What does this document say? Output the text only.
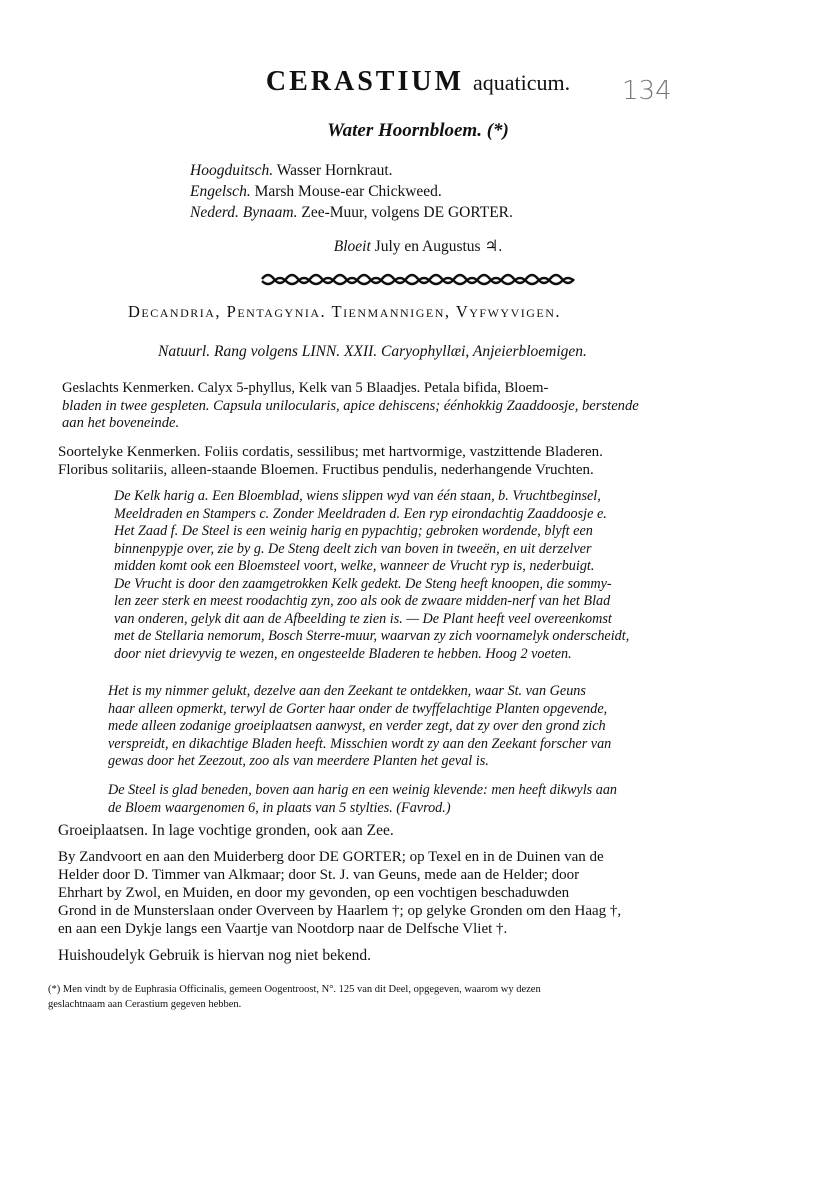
CERASTIUM aquaticum.	134
Water Hoornbloem. (*)
Hoogduitsch. Wasser Hornkraut.
Engelsch. Marsh Mouse-ear Chickweed.
Nederd. Bynaam. Zee-Muur, volgens DE GORTER.
Bloeit July en Augustus ♃.
Decandria, Pentagynia. Tienmannigen, Vyfwyvigen.
Natuurl. Rang volgens LINN. XXII. Caryophyllæi, Anjeierbloemigen.
Geslachts Kenmerken. Calyx 5-phyllus, Kelk van 5 Blaadjes. Petala bifida, Bloem-
bladen in twee gespleten. Capsula unilocularis, apice dehiscens; éénhokkig Zaaddoosje, berstende
aan het boveneinde.
Soortelyke Kenmerken. Foliis cordatis, sessilibus; met hartvormige, vastzittende Bladeren.
Floribus solitariis, alleen-staande Bloemen. Fructibus pendulis, nederhangende Vruchten.
De Kelk harig a. Een Bloemblad, wiens slippen wyd van één staan, b. Vruchtbeginsel,
Meeldraden en Stampers c. Zonder Meeldraden d. Een ryp eirondachtig Zaaddoosje e.
Het Zaad f. De Steel is een weinig harig en pypachtig; gebroken wordende, blyft een
binnenpypje over, zie by g. De Steng deelt zich van boven in tweeën, en uit derzelver
midden komt ook een Bloemsteel voort, welke, wanneer de Vrucht ryp is, nederbuigt.
De Vrucht is door den zaamgetrokken Kelk gedekt. De Steng heeft knoopen, die sommy-
len zeer sterk en meest roodachtig zyn, zoo als ook de zwaare midden-nerf van het Blad
van onderen, gelyk dit aan de Afbeelding te zien is. — De Plant heeft veel overeenkomst
met de Stellaria nemorum, Bosch Sterre-muur, waarvan zy zich voornamelyk onderscheidt,
door niet drievyvig te wezen, en ongesteelde Bladeren te hebben. Hoog 2 voeten.
Het is my nimmer gelukt, dezelve aan den Zeekant te ontdekken, waar St. van Geuns
haar alleen opmerkt, terwyl de Gorter haar onder de twyffelachtige Planten opgevende,
mede alleen zodanige groeiplaatsen aanwyst, en verder zegt, dat zy over den grond zich
verspreidt, en dikachtige Bladen heeft. Misschien wordt zy aan den Zeekant forscher van
gewas door het Zeezout, zoo als van meerdere Planten het geval is.
De Steel is glad beneden, boven aan harig en een weinig klevende: men heeft dikwyls aan
de Bloem waargenomen 6, in plaats van 5 stylties. (Favrod.)
Groeiplaatsen. In lage vochtige gronden, ook aan Zee.
By Zandvoort en aan den Muiderberg door DE GORTER; op Texel en in de Duinen van de
Helder door D. Timmer van Alkmaar; door St. J. van Geuns, mede aan de Helder; door
Ehrhart by Zwol, en Muiden, en door my gevonden, op een vochtigen beschaduwden
Grond in de Munsterslaan onder Overveen by Haarlem †; op gelyke Gronden om den Haag †,
en aan een Dykje langs een Vaartje van Nootdorp naar de Delfsche Vliet †.
Huishoudelyk Gebruik is hiervan nog niet bekend.
(*) Men vindt by de Euphrasia Officinalis, gemeen Oogentroost, N°. 125 van dit Deel, opgegeven, waarom wy dezen
geslachtnaam aan Cerastium gegeven hebben.
